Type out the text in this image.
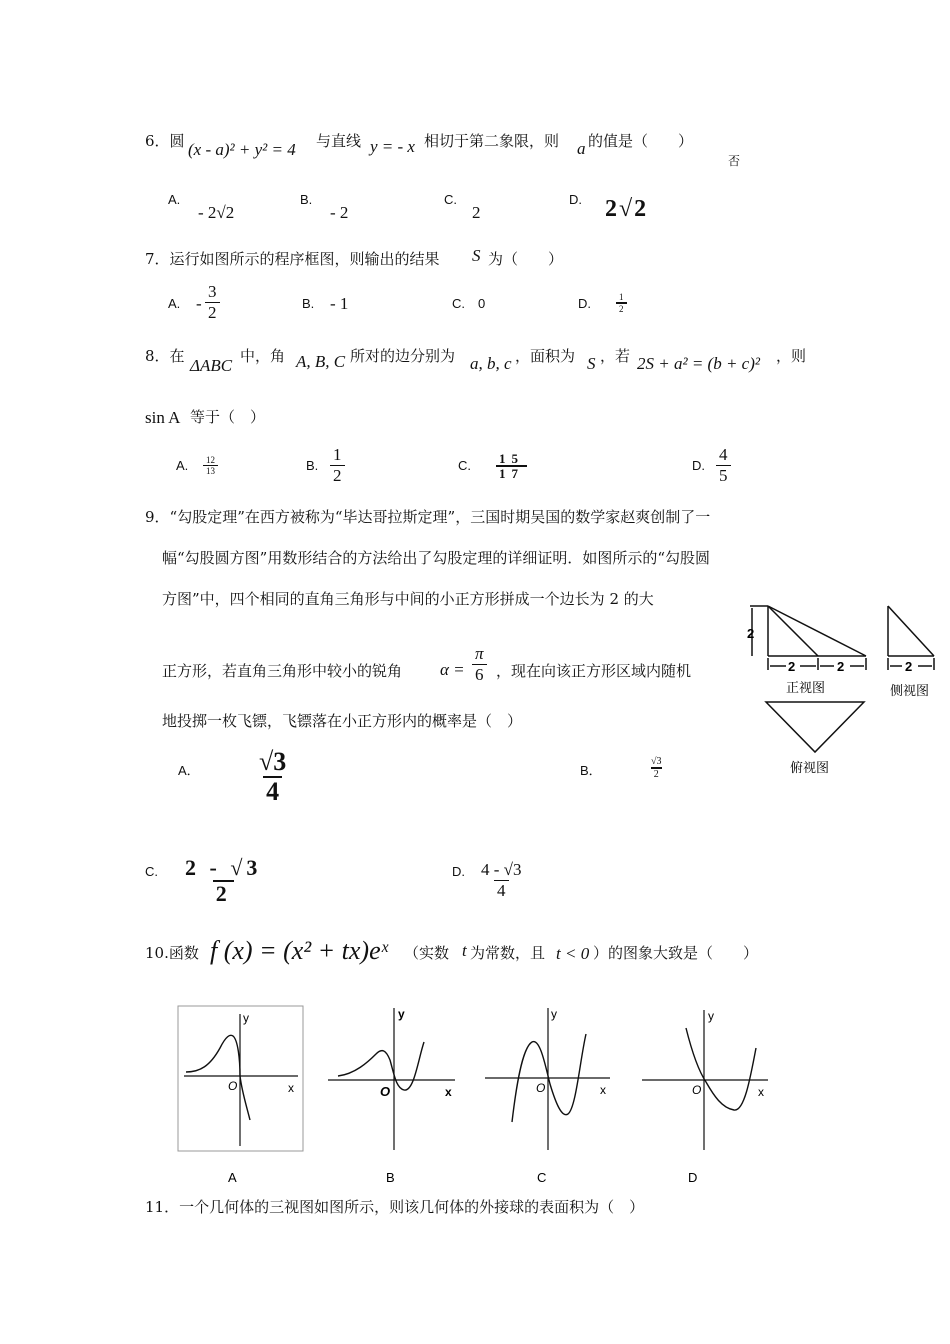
6．圆 (x - a)² + y² = 4 与直线 y = - x 相切于第二象限，则 a 的值是（　　）
否
A.
- 2√2
B.
- 2
C.
2
D. 2√2
7．运行如图所示的程序框图，则输出的结果 S 为（　　）
A. - $\frac{3}{2}$	B. - 1	C. 0	D.	$\frac{1}{2}$
8．在 ΔABC 中，角 A, B, C 所对的边分别为 a, b, c ，面积为 S ，若 2S + a² = (b + c)² ，则
sin A 等于（　）
A. $\frac{12}{13}$	B. $\frac{1}{2}$	C. $\frac{15}{17}$	D. $\frac{4}{5}$
9．“勾股定理”在西方被称为“毕达哥拉斯定理”，三国时期吴国的数学家赵爽创制了一
幅“勾股圆方图”用数形结合的方法给出了勾股定理的详细证明．如图所示的“勾股圆
方图”中，四个相同的直角三角形与中间的小正方形拼成一个边长为 2 的大
正方形，若直角三角形中较小的锐角 $\alpha = \frac{\pi}{6}$ ，现在向该正方形区域内随机
地投掷一枚飞镖，飞镖落在小正方形内的概率是（　）
A． $\frac{√3}{4}$	B．	$\frac{√3}{2}$
C. $\frac{2 - √3}{2}$	D. $\frac{4 - √3}{4}$
2
2	2
正视图
2
侧视图
俯视图
10.函数 f (x) = (x² + tx)eˣ （实数 t 为常数，且 t < 0 ）的图象大致是（　　）
y
x
O
A
y
x
O
B
y
x
O
C
y
x
O
D
11．一个几何体的三视图如图所示，则该几何体的外接球的表面积为（　）
